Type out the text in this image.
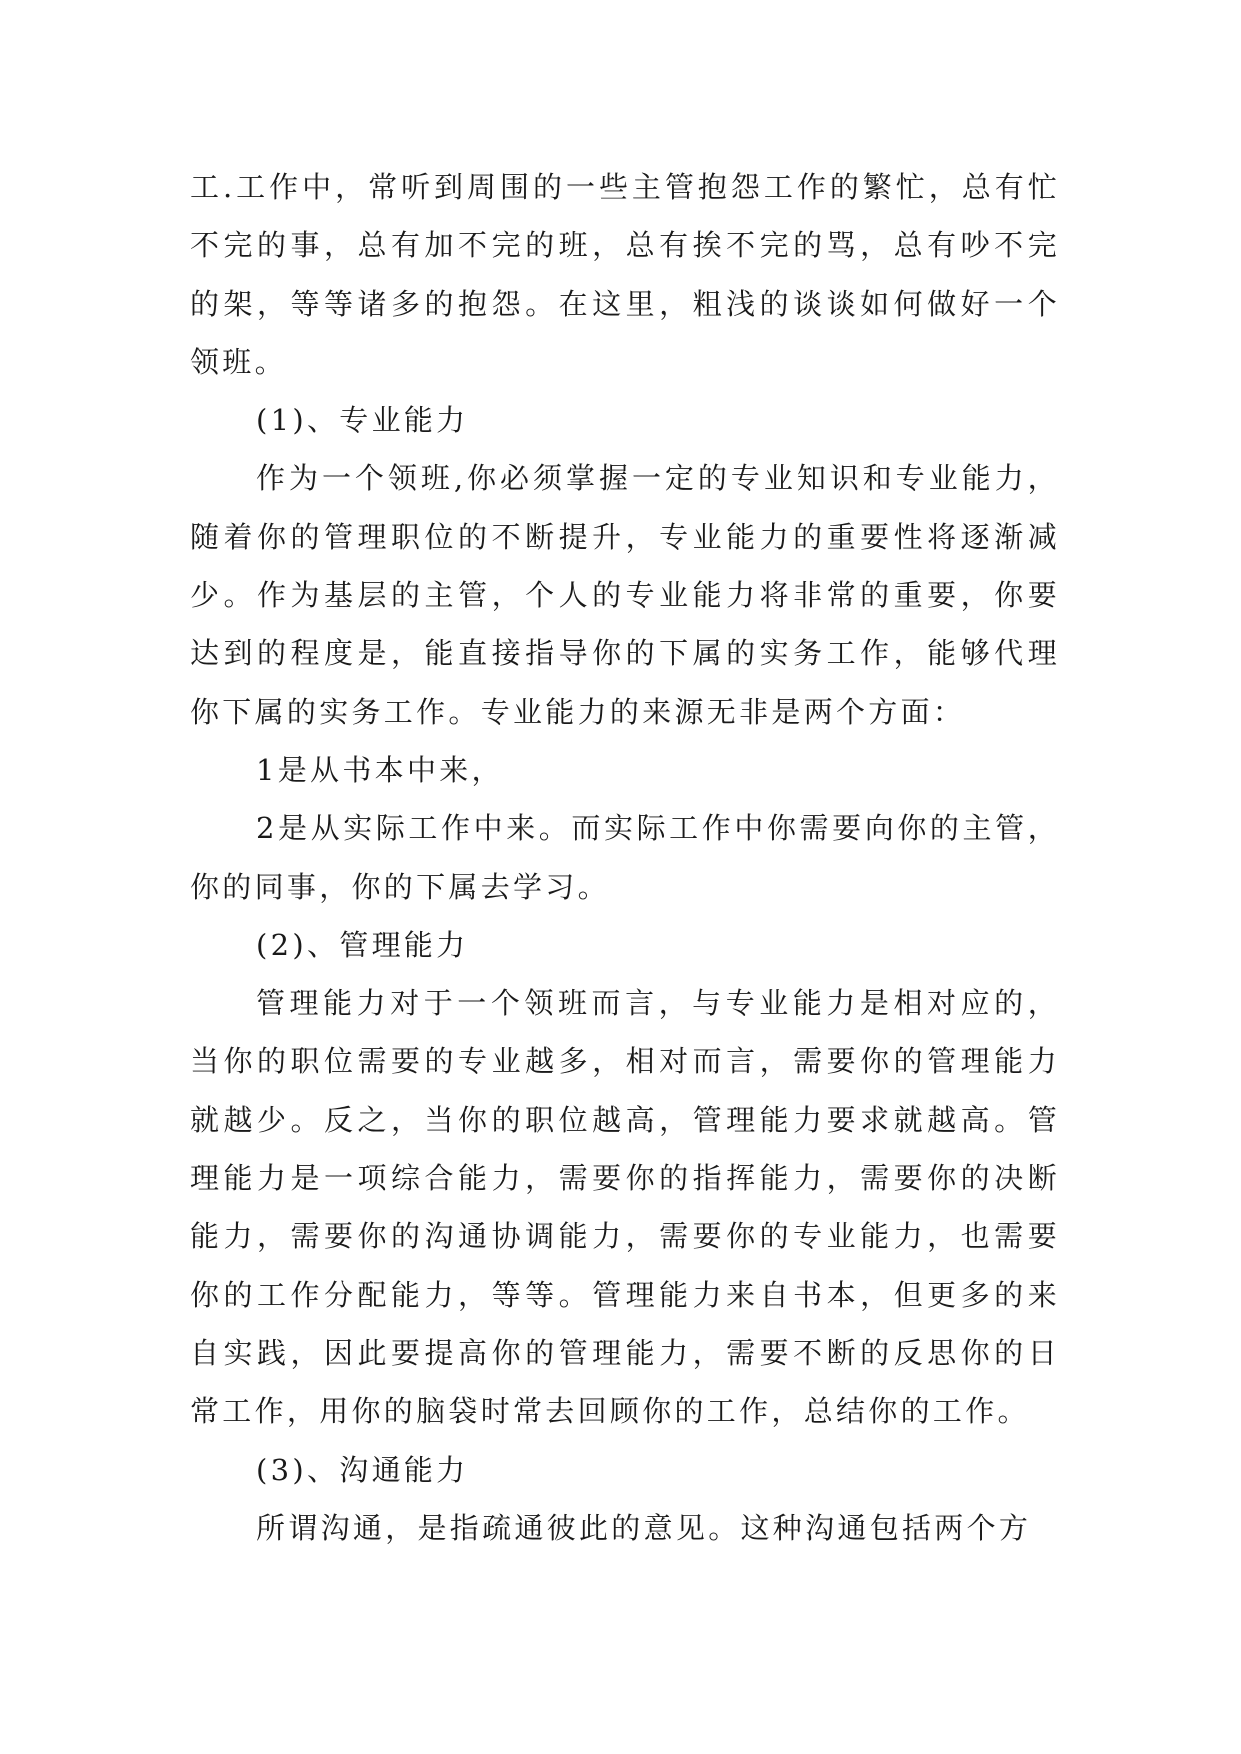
工.工作中，常听到周围的一些主管抱怨工作的繁忙，总有忙不完的事，总有加不完的班，总有挨不完的骂，总有吵不完的架，等等诸多的抱怨。在这里，粗浅的谈谈如何做好一个领班。

(1)、专业能力

作为一个领班,你必须掌握一定的专业知识和专业能力，随着你的管理职位的不断提升，专业能力的重要性将逐渐减少。作为基层的主管，个人的专业能力将非常的重要，你要达到的程度是，能直接指导你的下属的实务工作，能够代理你下属的实务工作。专业能力的来源无非是两个方面：

1是从书本中来，

2是从实际工作中来。而实际工作中你需要向你的主管，你的同事，你的下属去学习。

(2)、管理能力

管理能力对于一个领班而言，与专业能力是相对应的，当你的职位需要的专业越多，相对而言，需要你的管理能力就越少。反之，当你的职位越高，管理能力要求就越高。管理能力是一项综合能力，需要你的指挥能力，需要你的决断能力，需要你的沟通协调能力，需要你的专业能力，也需要你的工作分配能力，等等。管理能力来自书本，但更多的来自实践，因此要提高你的管理能力，需要不断的反思你的日常工作，用你的脑袋时常去回顾你的工作，总结你的工作。

(3)、沟通能力

所谓沟通，是指疏通彼此的意见。这种沟通包括两个方
